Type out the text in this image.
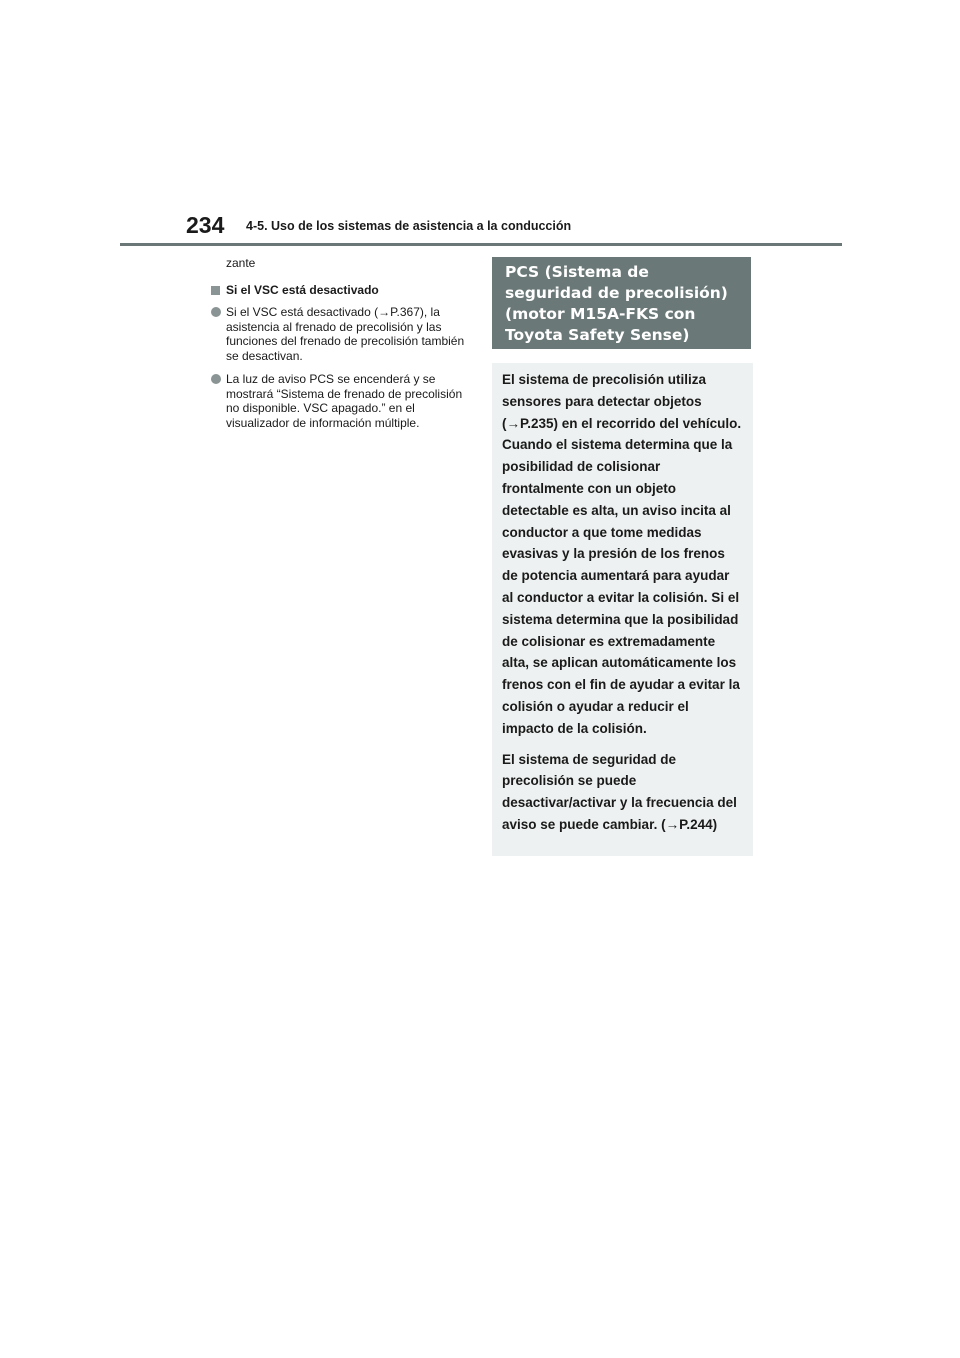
234 4-5. Uso de los sistemas de asistencia a la conducción

zante

Si el VSC está desactivado
Si el VSC está desactivado (→P.367), la asistencia al frenado de precolisión y las funciones del frenado de precolisión también se desactivan.
La luz de aviso PCS se encenderá y se mostrará “Sistema de frenado de precolisión no disponible. VSC apagado.” en el visualizador de información múltiple.
PCS (Sistema de seguridad de precolisión) (motor M15A-FKS con Toyota Safety Sense)

El sistema de precolisión utiliza sensores para detectar objetos (→P.235) en el recorrido del vehículo. Cuando el sistema determina que la posibilidad de colisionar frontalmente con un objeto detectable es alta, un aviso incita al conductor a que tome medidas evasivas y la presión de los frenos de potencia aumentará para ayudar al conductor a evitar la colisión. Si el sistema determina que la posibilidad de colisionar es extremadamente alta, se aplican automáticamente los frenos con el fin de ayudar a evitar la colisión o ayudar a reducir el impacto de la colisión.

El sistema de seguridad de precolisión se puede desactivar/activar y la frecuencia del aviso se puede cambiar. (→P.244)
